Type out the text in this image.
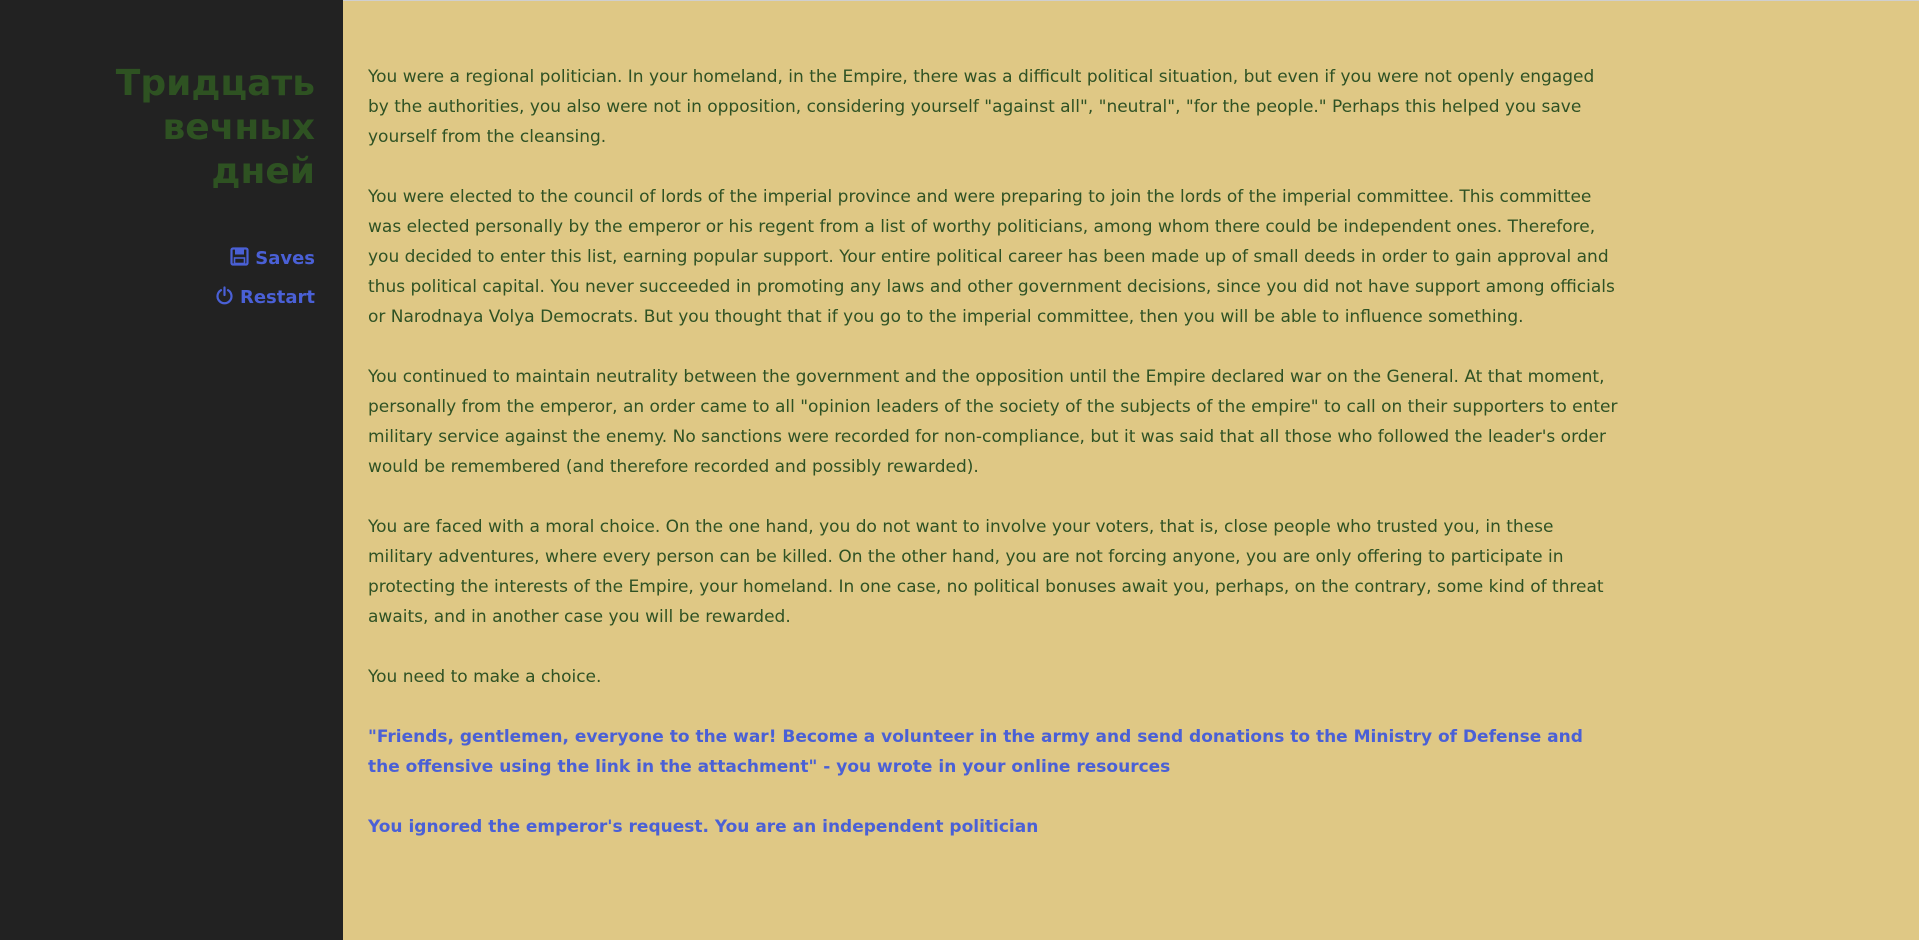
Тридцать вечных дней
Saves
Restart

You were a regional politician. In your homeland, in the Empire, there was a difficult political situation, but even if you were not openly engaged by the authorities, you also were not in opposition, considering yourself "against all", "neutral", "for the people." Perhaps this helped you save yourself from the cleansing.

You were elected to the council of lords of the imperial province and were preparing to join the lords of the imperial committee. This committee was elected personally by the emperor or his regent from a list of worthy politicians, among whom there could be independent ones. Therefore, you decided to enter this list, earning popular support. Your entire political career has been made up of small deeds in order to gain approval and thus political capital. You never succeeded in promoting any laws and other government decisions, since you did not have support among officials or Narodnaya Volya Democrats. But you thought that if you go to the imperial committee, then you will be able to influence something.

You continued to maintain neutrality between the government and the opposition until the Empire declared war on the General. At that moment, personally from the emperor, an order came to all "opinion leaders of the society of the subjects of the empire" to call on their supporters to enter military service against the enemy. No sanctions were recorded for non-compliance, but it was said that all those who followed the leader's order would be remembered (and therefore recorded and possibly rewarded).

You are faced with a moral choice. On the one hand, you do not want to involve your voters, that is, close people who trusted you, in these military adventures, where every person can be killed. On the other hand, you are not forcing anyone, you are only offering to participate in protecting the interests of the Empire, your homeland. In one case, no political bonuses await you, perhaps, on the contrary, some kind of threat awaits, and in another case you will be rewarded.

You need to make a choice.

"Friends, gentlemen, everyone to the war! Become a volunteer in the army and send donations to the Ministry of Defense and the offensive using the link in the attachment" - you wrote in your online resources
You ignored the emperor's request. You are an independent politician
